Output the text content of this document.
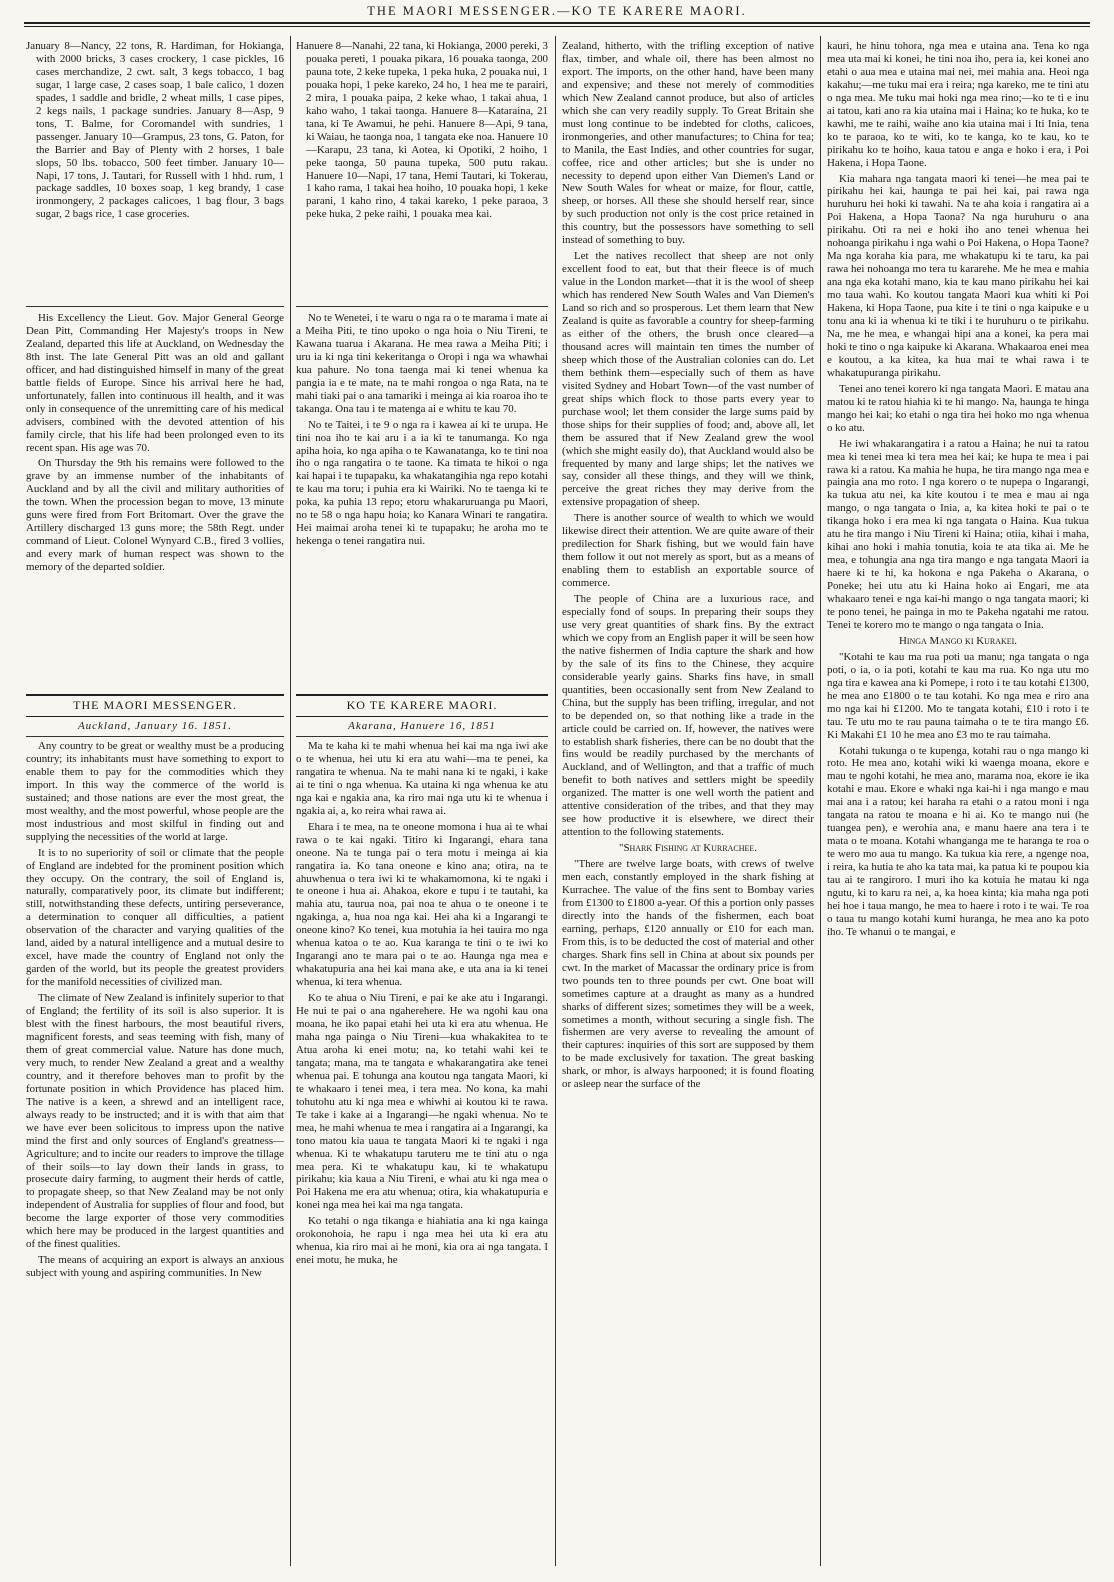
THE MAORI MESSENGER.—KO TE KARERE MAORI.

January 8—Nancy, 22 tons, R. Hardiman, for Hokianga, with 2000 bricks, 3 cases crockery, 1 case pickles, 16 cases merchandize, 2 cwt. salt, 3 kegs tobacco, 1 bag sugar, 1 large case, 2 cases soap, 1 bale calico, 1 dozen spades, 1 saddle and bridle, 2 wheat mills, 1 case pipes, 2 kegs nails, 1 package sundries. January 8—Asp, 9 tons, T. Balme, for Coromandel with sundries, 1 passenger. January 10—Grampus, 23 tons, G. Paton, for the Barrier and Bay of Plenty with 2 horses, 1 bale slops, 50 lbs. tobacco, 500 feet timber. January 10—Napi, 17 tons, J. Tautari, for Russell with 1 hhd. rum, 1 package saddles, 10 boxes soap, 1 keg brandy, 1 case ironmongery, 2 packages calicoes, 1 bag flour, 3 bags sugar, 2 bags rice, 1 case groceries.

His Excellency the Lieut. Gov. Major General George Dean Pitt, Commanding Her Majesty's troops in New Zealand, departed this life at Auckland, on Wednesday the 8th inst. The late General Pitt was an old and gallant officer, and had distinguished himself in many of the great battle fields of Europe. Since his arrival here he had, unfortunately, fallen into continuous ill health, and it was only in consequence of the unremitting care of his medical advisers, combined with the devoted attention of his family circle, that his life had been prolonged even to its recent span. His age was 70.

On Thursday the 9th his remains were followed to the grave by an immense number of the inhabitants of Auckland and by all the civil and military authorities of the town. When the procession began to move, 13 minute guns were fired from Fort Britomart. Over the grave the Artillery discharged 13 guns more; the 58th Regt. under command of Lieut. Colonel Wynyard C.B., fired 3 vollies, and every mark of human respect was shown to the memory of the departed soldier.

THE MAORI MESSENGER.
Auckland, January 16. 1851.

Any country to be great or wealthy must be a producing country; its inhabitants must have something to export to enable them to pay for the commodities which they import. In this way the commerce of the world is sustained; and those nations are ever the most great, the most wealthy, and the most powerful, whose people are the most industrious and most skilful in finding out and supplying the necessities of the world at large.

It is to no superiority of soil or climate that the people of England are indebted for the prominent position which they occupy. On the contrary, the soil of England is, naturally, comparatively poor, its climate but indifferent; still, notwithstanding these defects, untiring perseverance, a determination to conquer all difficulties, a patient observation of the character and varying qualities of the land, aided by a natural intelligence and a mutual desire to excel, have made the country of England not only the garden of the world, but its people the greatest providers for the manifold necessities of civilized man.

The climate of New Zealand is infinitely superior to that of England; the fertility of its soil is also superior. It is blest with the finest harbours, the most beautiful rivers, magnificent forests, and seas teeming with fish, many of them of great commercial value. Nature has done much, very much, to render New Zealand a great and a wealthy country, and it therefore behoves man to profit by the fortunate position in which Providence has placed him. The native is a keen, a shrewd and an intelligent race, always ready to be instructed; and it is with that aim that we have ever been solicitous to impress upon the native mind the first and only sources of England's greatness—Agriculture; and to incite our readers to improve the tillage of their soils—to lay down their lands in grass, to prosecute dairy farming, to augment their herds of cattle, to propagate sheep, so that New Zealand may be not only independent of Australia for supplies of flour and food, but become the large exporter of those very commodities which here may be produced in the largest quantities and of the finest qualities.

The means of acquiring an export is always an anxious subject with young and aspiring communities. In New

Hanuere 8—Nanahi, 22 tana, ki Hokianga, 2000 pereki, 3 pouaka pereti, 1 pouaka pikara, 16 pouaka taonga, 200 pauna tote, 2 keke tupeka, 1 peka huka, 2 pouaka nui, 1 pouaka hopi, 1 peke kareko, 24 ho, 1 hea me te parairi, 2 mira, 1 pouaka paipa, 2 keke whao, 1 takai ahua, 1 kaho waho, 1 takai taonga. Hanuere 8—Kataraina, 21 tana, ki Te Awamui, he pehi. Hanuere 8—Api, 9 tana, ki Waiau, he taonga noa, 1 tangata eke noa. Hanuere 10—Karapu, 23 tana, ki Aotea, ki Opotiki, 2 hoiho, 1 peke taonga, 50 pauna tupeka, 500 putu rakau. Hanuere 10—Napi, 17 tana, Hemi Tautari, ki Tokerau, 1 kaho rama, 1 takai hea hoiho, 10 pouaka hopi, 1 keke parani, 1 kaho rino, 4 takai kareko, 1 peke paraoa, 3 peke huka, 2 peke raihi, 1 pouaka mea kai.

No te Wenetei, i te waru o nga ra o te marama i mate ai a Meiha Piti, te tino upoko o nga hoia o Niu Tireni, te Kawana tuarua i Akarana. He mea rawa a Meiha Piti; i uru ia ki nga tini kekeritanga o Oropi i nga wa whawhai kua pahure. No tona taenga mai ki tenei whenua ka pangia ia e te mate, na te mahi rongoa o nga Rata, na te mahi tiaki pai o ana tamariki i meinga ai kia roaroa iho te takanga. Ona tau i te matenga ai e whitu te kau 70.

No te Taitei, i te 9 o nga ra i kawea ai ki te urupa. He tini noa iho te kai aru i a ia ki te tanumanga. Ko nga apiha hoia, ko nga apiha o te Kawanatanga, ko te tini noa iho o nga rangatira o te taone. Ka timata te hikoi o nga kai hapai i te tupapaku, ka whakatangihia nga repo kotahi te kau ma toru; i puhia era ki Wairiki. No te taenga ki te poka, ka puhia 13 repo; etoru whakaruruanga pu Maori, no te 58 o nga hapu hoia; ko Kanara Winari te rangatira. Hei maimai aroha tenei ki te tupapaku; he aroha mo te hekenga o tenei rangatira nui.

KO TE KARERE MAORI.
Akarana, Hanuere 16, 1851

Ma te kaha ki te mahi whenua hei kai ma nga iwi ake o te whenua, hei utu ki era atu wahi—ma te penei, ka rangatira te whenua. Na te mahi nana ki te ngaki, i kake ai te tini o nga whenua. Ka utaina ki nga whenua ke atu nga kai e ngakia ana, ka riro mai nga utu ki te whenua i ngakia ai, a, ko reira whai rawa ai.

Ehara i te mea, na te oneone momona i hua ai te whai rawa o te kai ngaki. Titiro ki Ingarangi, ehara tana oneone. Na te tunga pai o tera motu i meinga ai kia rangatira ia. Ko tana oneone e kino ana; otira, na te ahuwhenua o tera iwi ki te whakamomona, ki te ngaki i te oneone i hua ai. Ahakoa, ekore e tupu i te tautahi, ka mahia atu, taurua noa, pai noa te ahua o te oneone i te ngakinga, a, hua noa nga kai. Hei aha ki a Ingarangi te oneone kino? Ko tenei, kua motuhia ia hei tauira mo nga whenua katoa o te ao. Kua karanga te tini o te iwi ko Ingarangi ano te mara pai o te ao. Haunga nga mea e whakatupuria ana hei kai mana ake, e uta ana ia ki tenei whenua, ki tera whenua.

Ko te ahua o Niu Tireni, e pai ke ake atu i Ingarangi. He nui te pai o ana ngaherehere. He wa ngohi kau ona moana, he iko papai etahi hei uta ki era atu whenua. He maha nga painga o Niu Tireni—kua whakakitea to te Atua aroha ki enei motu; na, ko tetahi wahi kei te tangata; mana, ma te tangata e whakarangatira ake tenei whenua pai. E tohunga ana koutou nga tangata Maori, ki te whakaaro i tenei mea, i tera mea. No kona, ka mahi tohutohu atu ki nga mea e whiwhi ai koutou ki te rawa. Te take i kake ai a Ingarangi—he ngaki whenua. No te mea, he mahi whenua te mea i rangatira ai a Ingarangi, ka tono matou kia uaua te tangata Maori ki te ngaki i nga whenua. Ki te whakatupu taruteru me te tini atu o nga mea pera. Ki te whakatupu kau, ki te whakatupu pirikahu; kia kaua a Niu Tireni, e whai atu ki nga mea o Poi Hakena me era atu whenua; otira, kia whakatupuria e konei nga mea hei kai ma nga tangata.

Ko tetahi o nga tikanga e hiahiatia ana ki nga kainga orokonohoia, he rapu i nga mea hei uta ki era atu whenua, kia riro mai ai he moni, kia ora ai nga tangata. I enei motu, he muka, he

Zealand, hitherto, with the trifling exception of native flax, timber, and whale oil, there has been almost no export. The imports, on the other hand, have been many and expensive; and these not merely of commodities which New Zealand cannot produce, but also of articles which she can very readily supply. To Great Britain she must long continue to be indebted for cloths, calicoes, ironmongeries, and other manufactures; to China for tea; to Manila, the East Indies, and other countries for sugar, coffee, rice and other articles; but she is under no necessity to depend upon either Van Diemen's Land or New South Wales for wheat or maize, for flour, cattle, sheep, or horses. All these she should herself rear, since by such production not only is the cost price retained in this country, but the possessors have something to sell instead of something to buy.

Let the natives recollect that sheep are not only excellent food to eat, but that their fleece is of much value in the London market—that it is the wool of sheep which has rendered New South Wales and Van Diemen's Land so rich and so prosperous. Let them learn that New Zealand is quite as favorable a country for sheep-farming as either of the others, the brush once cleared—a thousand acres will maintain ten times the number of sheep which those of the Australian colonies can do. Let them bethink them—especially such of them as have visited Sydney and Hobart Town—of the vast number of great ships which flock to those parts every year to purchase wool; let them consider the large sums paid by those ships for their supplies of food; and, above all, let them be assured that if New Zealand grew the wool (which she might easily do), that Auckland would also be frequented by many and large ships; let the natives we say, consider all these things, and they will we think, perceive the great riches they may derive from the extensive propagation of sheep.

There is another source of wealth to which we would likewise direct their attention. We are quite aware of their predilection for Shark fishing, but we would fain have them follow it out not merely as sport, but as a means of enabling them to establish an exportable source of commerce.

The people of China are a luxurious race, and especially fond of soups. In preparing their soups they use very great quantities of shark fins. By the extract which we copy from an English paper it will be seen how the native fishermen of India capture the shark and how by the sale of its fins to the Chinese, they acquire considerable yearly gains. Sharks fins have, in small quantities, been occasionally sent from New Zealand to China, but the supply has been trifling, irregular, and not to be depended on, so that nothing like a trade in the article could be carried on. If, however, the natives were to establish shark fisheries, there can be no doubt that the fins would be readily purchased by the merchants of Auckland, and of Wellington, and that a traffic of much benefit to both natives and settlers might be speedily organized. The matter is one well worth the patient and attentive consideration of the tribes, and that they may see how productive it is elsewhere, we direct their attention to the following statements.

"Shark Fishing at Kurrachee.

"There are twelve large boats, with crews of twelve men each, constantly employed in the shark fishing at Kurrachee. The value of the fins sent to Bombay varies from £1300 to £1800 a-year. Of this a portion only passes directly into the hands of the fishermen, each boat earning, perhaps, £120 annually or £10 for each man. From this, is to be deducted the cost of material and other charges. Shark fins sell in China at about six pounds per cwt. In the market of Macassar the ordinary price is from two pounds ten to three pounds per cwt. One boat will sometimes capture at a draught as many as a hundred sharks of different sizes; sometimes they will be a week, sometimes a month, without securing a single fish. The fishermen are very averse to revealing the amount of their captures: inquiries of this sort are supposed by them to be made exclusively for taxation. The great basking shark, or mhor, is always harpooned; it is found floating or asleep near the surface of the

kauri, he hinu tohora, nga mea e utaina ana. Tena ko nga mea uta mai ki konei, he tini noa iho, pera ia, kei konei ano etahi o aua mea e utaina mai nei, mei mahia ana. Heoi nga kakahu;—me tuku mai era i reira; nga kareko, me te tini atu o nga mea. Me tuku mai hoki nga mea rino;—ko te ti e inu ai tatou, kati ano ra kia utaina mai i Haina; ko te huka, ko te kawhi, me te raihi, waihe ano kia utaina mai i Iti Inia, tena ko te paraoa, ko te witi, ko te kanga, ko te kau, ko te pirikahu ko te hoiho, kaua tatou e anga e hoko i era, i Poi Hakena, i Hopa Taone.

Kia mahara nga tangata maori ki tenei—he mea pai te pirikahu hei kai, haunga te pai hei kai, pai rawa nga huruhuru hei hoki ki tawahi. Na te aha koia i rangatira ai a Poi Hakena, a Hopa Taona? Na nga huruhuru o ana pirikahu. Oti ra nei e hoki iho ano tenei whenua hei nohoanga pirikahu i nga wahi o Poi Hakena, o Hopa Taone? Ma nga koraha kia para, me whakatupu ki te taru, ka pai rawa hei nohoanga mo tera tu kararehe. Me he mea e mahia ana nga eka kotahi mano, kia te kau mano pirikahu hei kai mo taua wahi. Ko koutou tangata Maori kua whiti ki Poi Hakena, ki Hopa Taone, pua kite i te tini o nga kaipuke e u tonu ana ki ia whenua ki te tiki i te huruhuru o te pirikahu. Na, me he mea, e whangai hipi ana a konei, ka pera mai hoki te tino o nga kaipuke ki Akarana. Whakaaroa enei mea e koutou, a ka kitea, ka hua mai te whai rawa i te whakatupuranga pirikahu.

Tenei ano tenei korero ki nga tangata Maori. E matau ana matou ki te ratou hiahia ki te hi mango. Na, haunga te hinga mango hei kai; ko etahi o nga tira hei hoko mo nga whenua o ko atu.

He iwi whakarangatira i a ratou a Haina; he nui ta ratou mea ki tenei mea ki tera mea hei kai; ke hupa te mea i pai rawa ki a ratou. Ka mahia he hupa, he tira mango nga mea e paingia ana mo roto. I nga korero o te nupepa o Ingarangi, ka tukua atu nei, ka kite koutou i te mea e mau ai nga mango, o nga tangata o Inia, a, ka kitea hoki te pai o te tikanga hoko i era mea ki nga tangata o Haina. Kua tukua atu he tira mango i Niu Tireni ki Haina; otiia, kihai i maha, kihai ano hoki i mahia tonutia, koia te ata tika ai. Me he mea, e tohungia ana nga tira mango e nga tangata Maori ia haere ki te hi, ka hokona e nga Pakeha o Akarana, o Poneke; hei utu atu ki Haina hoko ai Engari, me ata whakaaro tenei e nga kai-hi mango o nga tangata maori; ki te pono tenei, he painga in mo te Pakeha ngatahi me ratou. Tenei te korero mo te mango o nga tangata o Inia.

Hinga Mango ki Kurakei.

"Kotahi te kau ma rua poti ua manu; nga tangata o nga poti, o ia, o ia poti, kotahi te kau ma rua. Ko nga utu mo nga tira e kawea ana ki Pomepe, i roto i te tau kotahi £1300, he mea ano £1800 o te tau kotahi. Ko nga mea e riro ana mo nga kai hi £1200. Mo te tangata kotahi, £10 i roto i te tau. Te utu mo te rau pauna taimaha o te te tira mango £6. Ki Makahi £1 10 he mea ano £3 mo te rau taimaha.

Kotahi tukunga o te kupenga, kotahi rau o nga mango ki roto. He mea ano, kotahi wiki ki waenga moana, ekore e mau te ngohi kotahi, he mea ano, marama noa, ekore ie ika kotahi e mau. Ekore e whaki nga kai-hi i nga mango e mau mai ana i a ratou; kei haraha ra etahi o a ratou moni i nga tangata na ratou te moana e hi ai. Ko te mango nui (he tuangea pen), e werohia ana, e manu haere ana tera i te mata o te moana. Kotahi whanganga me te haranga te roa o te wero mo aua tu mango. Ka tukua kia rere, a ngenge noa, i reira, ka hutia te aho ka tata mai, ka patua ki te poupou kia tau ai te rangiroro. I muri iho ka kotuia he matau ki nga ngutu, ki to karu ra nei, a, ka hoea kinta; kia maha nga poti hei hoe i taua mango, he mea to haere i roto i te wai. Te roa o taua tu mango kotahi kumi huranga, he mea ano ka poto iho. Te whanui o te mangai, e
